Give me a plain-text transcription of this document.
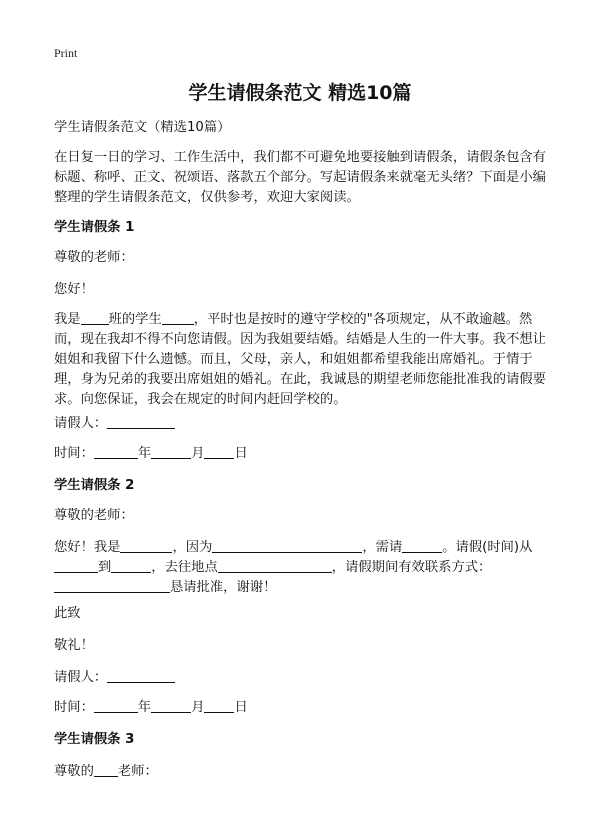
Print
学生请假条范文 精选10篇
学生请假条范文（精选10篇）
在日复一日的学习、工作生活中，我们都不可避免地要接触到请假条，请假条包含有标题、称呼、正文、祝颂语、落款五个部分。写起请假条来就毫无头绪？下面是小编整理的学生请假条范文，仅供参考，欢迎大家阅读。
学生请假条 1
尊敬的老师：
您好！
我是 班的学生 ，平时也是按时的遵守学校的"各项规定，从不敢逾越。然而，现在我却不得不向您请假。因为我姐要结婚。结婚是人生的一件大事。我不想让姐姐和我留下什么遗憾。而且，父母，亲人，和姐姐都希望我能出席婚礼。于情于理，身为兄弟的我要出席姐姐的婚礼。在此，我诚恳的期望老师您能批准我的请假要求。向您保证，我会在规定的时间内赶回学校的。
请假人：
时间：	年	月 日
学生请假条 2
尊敬的老师：
您好！我是	，因为	，需请	。请假(时间)从到	，去往地点	，请假期间有效联系方式：恳请批准，谢谢！
此致
敬礼！
请假人：
时间：	年	月 日
学生请假条 3
尊敬的 老师：
